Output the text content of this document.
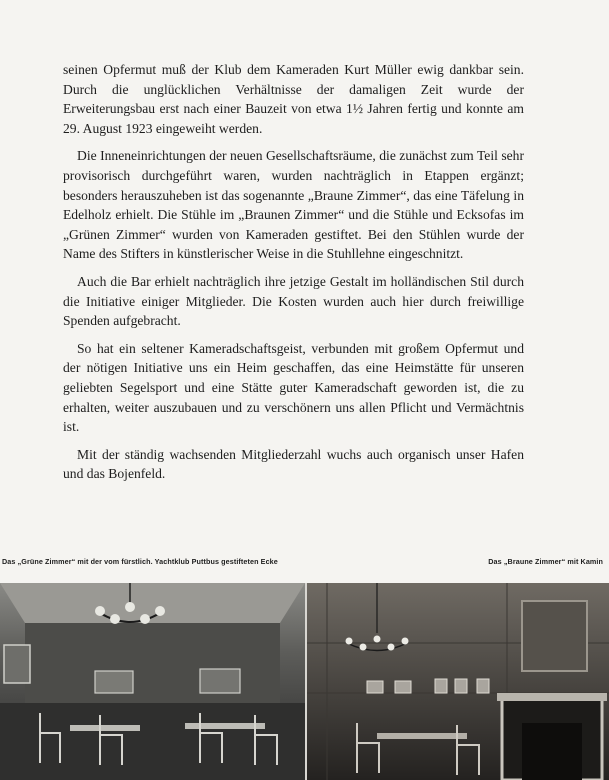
seinen Opfermut muß der Klub dem Kameraden Kurt Müller ewig dankbar sein. Durch die unglücklichen Verhältnisse der damaligen Zeit wurde der Erweiterungsbau erst nach einer Bauzeit von etwa 1½ Jahren fertig und konnte am 29. August 1923 eingeweiht werden.

Die Inneneinrichtungen der neuen Gesellschaftsräume, die zunächst zum Teil sehr provisorisch durchgeführt waren, wurden nachträglich in Etappen ergänzt; besonders herauszuheben ist das sogenannte „Braune Zimmer“, das eine Täfelung in Edelholz erhielt. Die Stühle im „Braunen Zimmer“ und die Stühle und Ecksofas im „Grünen Zimmer“ wurden von Kameraden gestiftet. Bei den Stühlen wurde der Name des Stifters in künstlerischer Weise in die Stuhllehne eingeschnitzt.

Auch die Bar erhielt nachträglich ihre jetzige Gestalt im holländischen Stil durch die Initiative einiger Mitglieder. Die Kosten wurden auch hier durch freiwillige Spenden aufgebracht.

So hat ein seltener Kameradschaftsgeist, verbunden mit großem Opfermut und der nötigen Initiative uns ein Heim geschaffen, das eine Heimstätte für unseren geliebten Segelsport und eine Stätte guter Kameradschaft geworden ist, die zu erhalten, weiter auszubauen und zu verschönern uns allen Pflicht und Vermächtnis ist.

Mit der ständig wachsenden Mitgliederzahl wuchs auch organisch unser Hafen und das Bojenfeld.

Das „Grüne Zimmer“ mit der vom fürstlich. Yachtklub Puttbus gestifteten Ecke	Das „Braune Zimmer“ mit Kamin
